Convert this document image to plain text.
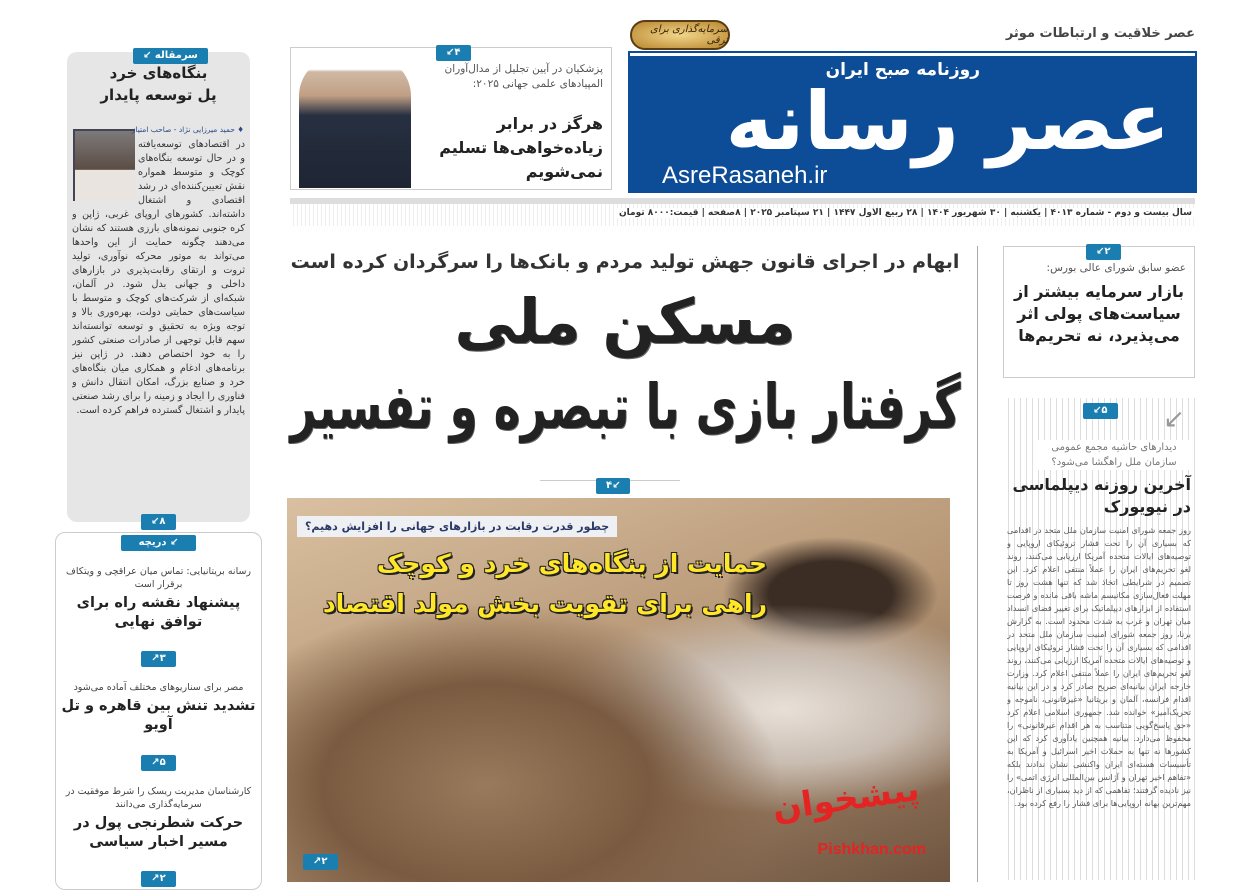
عصر خلاقیت و ارتباطات موثر
سرمایه‌گذاری برای ترقی
روزنامه صبح ایران
عصر رسانه
AsreRasaneh.ir
سال بیست و دوم - شماره ۴۰۱۳ | یکشنبه | ۳۰ شهریور ۱۴۰۴ | ۲۸ ربیع الاول ۱۴۴۷ | ۲۱ سپتامبر ۲۰۲۵ | ۸صفحه | قیمت:۸۰۰۰ تومان
۴↙
پزشکیان در آیین تجلیل از مدال‌آوران المپیادهای علمی جهانی ۲۰۲۵:
هرگز در برابر زیاده‌خواهی‌ها تسلیم نمی‌شویم
ابهام در اجرای قانون جهش تولید مردم و بانک‌ها را سرگردان کرده است
مسکن ملی
گرفتار بازی با تبصره و تفسیر
۴↙
چطور قدرت رقابت در بازارهای جهانی را افزایش دهیم؟
حمایت از بنگاه‌های خرد و کوچک
راهی برای تقویت بخش مولد اقتصاد
پیشخوان
Pishkhan.com
۲↗
↙ سرمقاله
بنگاه‌های خرد
پل توسعه پایدار
♦ حمید میرزایی نژاد - صاحب امتیاز
در اقتصادهای توسعه‌یافته و در حال توسعه بنگاه‌های کوچک و متوسط همواره نقش تعیین‌کننده‌ای در رشد اقتصادی و اشتغال داشته‌اند. کشورهای اروپای غربی، ژاپن و کره جنوبی نمونه‌های بارزی هستند که نشان می‌دهند چگونه حمایت از این واحدها می‌تواند به موتور محرکه نوآوری، تولید ثروت و ارتقای رقابت‌پذیری در بازارهای داخلی و جهانی بدل شود. در آلمان، شبکه‌ای از شرکت‌های کوچک و متوسط با سیاست‌های حمایتی دولت، بهره‌وری بالا و توجه ویژه به تحقیق و توسعه توانسته‌اند سهم قابل توجهی از صادرات صنعتی کشور را به خود اختصاص دهند. در ژاپن نیز برنامه‌های ادغام و همکاری میان بنگاه‌های خرد و صنایع بزرگ، امکان انتقال دانش و فناوری را ایجاد و زمینه را برای رشد صنعتی پایدار و اشتغال گسترده فراهم کرده است.
۸↙
↙ دریچه
رسانه بریتانیایی: تماس میان عراقچی و ویتکاف برقرار است
پیشنهاد نقشه راه برای توافق نهایی
۳↗
مصر برای سناریوهای مختلف آماده می‌شود
تشدید تنش بین قاهره و تل آویو
۵↗
کارشناسان مدیریت ریسک را شرط موفقیت در سرمایه‌گذاری می‌دانند
حرکت شطرنجی پول در مسیر اخبار سیاسی
۲↗
۲↙
عضو سابق شورای عالی بورس:
بازار سرمایه بیشتر از سیاست‌های پولی اثر می‌پذیرد، نه تحریم‌ها
۵↙	↙
دیدارهای حاشیه مجمع عمومی سازمان ملل راهگشا می‌شود؟
آخرین روزنه دیپلماسی در نیویورک
روز جمعه شورای امنیت سازمان ملل متحد در اقدامی که بسیاری آن را تحت فشار تروئیکای اروپایی و توصیه‌های ایالات متحده آمریکا ارزیابی می‌کنند، روند لغو تحریم‌های ایران را عملاً منتفی اعلام کرد. این تصمیم در شرایطی اتخاذ شد که تنها هشت روز تا مهلت فعال‌سازی مکانیسم ماشه باقی مانده و فرصت استفاده از ابزارهای دیپلماتیک برای تغییر فضای انسداد میان تهران و غرب به شدت محدود است. به گزارش برنا، روز جمعه شورای امنیت سازمان ملل متحد در اقدامی که بسیاری آن را تحت فشار تروئیکای اروپایی و توصیه‌های ایالات متحده آمریکا ارزیابی می‌کنند، روند لغو تحریم‌های ایران را عملاً منتفی اعلام کرد. وزارت خارجه ایران بیانیه‌ای صریح صادر کرد و در این بیانیه اقدام فرانسه، آلمان و بریتانیا «غیرقانونی، ناموجه و تحریک‌آمیز» خوانده شد. جمهوری اسلامی اعلام کرد «حق پاسخ‌گویی متناسب به هر اقدام غیرقانونی» را محفوظ می‌دارد. بیانیه همچنین یادآوری کرد که این کشورها نه تنها به حملات اخیر اسرائیل و آمریکا به تأسیسات هسته‌ای ایران واکنشی نشان ندادند بلکه «تفاهم اخیر تهران و آژانس بین‌المللی انرژی اتمی» را نیز نادیده گرفتند؛ تفاهمی که از دید بسیاری از ناظران، مهم‌ترین بهانه اروپایی‌ها برای فشار را رفع کرده بود.
